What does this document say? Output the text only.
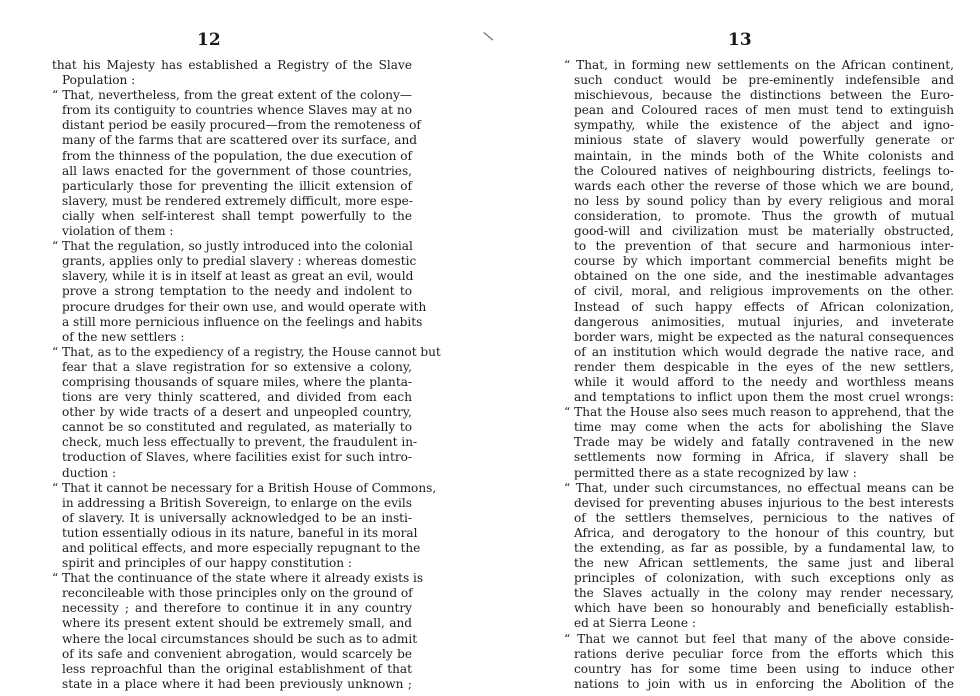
12
that his Majesty has established a Registry of the Slave
Population :
“ That, nevertheless, from the great extent of the colony—
from its contiguity to countries whence Slaves may at no
distant period be easily procured—from the remoteness of
many of the farms that are scattered over its surface, and
from the thinness of the population, the due execution of
all laws enacted for the government of those countries,
particularly those for preventing the illicit extension of
slavery, must be rendered extremely difficult, more espe-
cially when self-interest shall tempt powerfully to the
violation of them :
“ That the regulation, so justly introduced into the colonial
grants, applies only to predial slavery : whereas domestic
slavery, while it is in itself at least as great an evil, would
prove a strong temptation to the needy and indolent to
procure drudges for their own use, and would operate with
a still more pernicious influence on the feelings and habits
of the new settlers :
“ That, as to the expediency of a registry, the House cannot but
fear that a slave registration for so extensive a colony,
comprising thousands of square miles, where the planta-
tions are very thinly scattered, and divided from each
other by wide tracts of a desert and unpeopled country,
cannot be so constituted and regulated, as materially to
check, much less effectually to prevent, the fraudulent in-
troduction of Slaves, where facilities exist for such intro-
duction :
“ That it cannot be necessary for a British House of Commons,
in addressing a British Sovereign, to enlarge on the evils
of slavery. It is universally acknowledged to be an insti-
tution essentially odious in its nature, baneful in its moral
and political effects, and more especially repugnant to the
spirit and principles of our happy constitution :
“ That the continuance of the state where it already exists is
reconcileable with those principles only on the ground of
necessity ; and therefore to continue it in any country
where its present extent should be extremely small, and
where the local circumstances should be such as to admit
of its safe and convenient abrogation, would scarcely be
less reproachful than the original establishment of that
state in a place where it had been previously unknown ;
13
“ That, in forming new settlements on the African continent,
such conduct would be pre-eminently indefensible and
mischievous, because the distinctions between the Euro-
pean and Coloured races of men must tend to extinguish
sympathy, while the existence of the abject and igno-
minious state of slavery would powerfully generate or
maintain, in the minds both of the White colonists and
the Coloured natives of neighbouring districts, feelings to-
wards each other the reverse of those which we are bound,
no less by sound policy than by every religious and moral
consideration, to promote. Thus the growth of mutual
good-will and civilization must be materially obstructed,
to the prevention of that secure and harmonious inter-
course by which important commercial benefits might be
obtained on the one side, and the inestimable advantages
of civil, moral, and religious improvements on the other.
Instead of such happy effects of African colonization,
dangerous animosities, mutual injuries, and inveterate
border wars, might be expected as the natural consequences
of an institution which would degrade the native race, and
render them despicable in the eyes of the new settlers,
while it would afford to the needy and worthless means
and temptations to inflict upon them the most cruel wrongs:
“ That the House also sees much reason to apprehend, that the
time may come when the acts for abolishing the Slave
Trade may be widely and fatally contravened in the new
settlements now forming in Africa, if slavery shall be
permitted there as a state recognized by law :
“ That, under such circumstances, no effectual means can be
devised for preventing abuses injurious to the best interests
of the settlers themselves, pernicious to the natives of
Africa, and derogatory to the honour of this country, but
the extending, as far as possible, by a fundamental law, to
the new African settlements, the same just and liberal
principles of colonization, with such exceptions only as
the Slaves actually in the colony may render necessary,
which have been so honourably and beneficially establish-
ed at Sierra Leone :
“ That we cannot but feel that many of the above conside-
rations derive peculiar force from the efforts which this
country has for some time been using to induce other
nations to join with us in enforcing the Abolition of the
